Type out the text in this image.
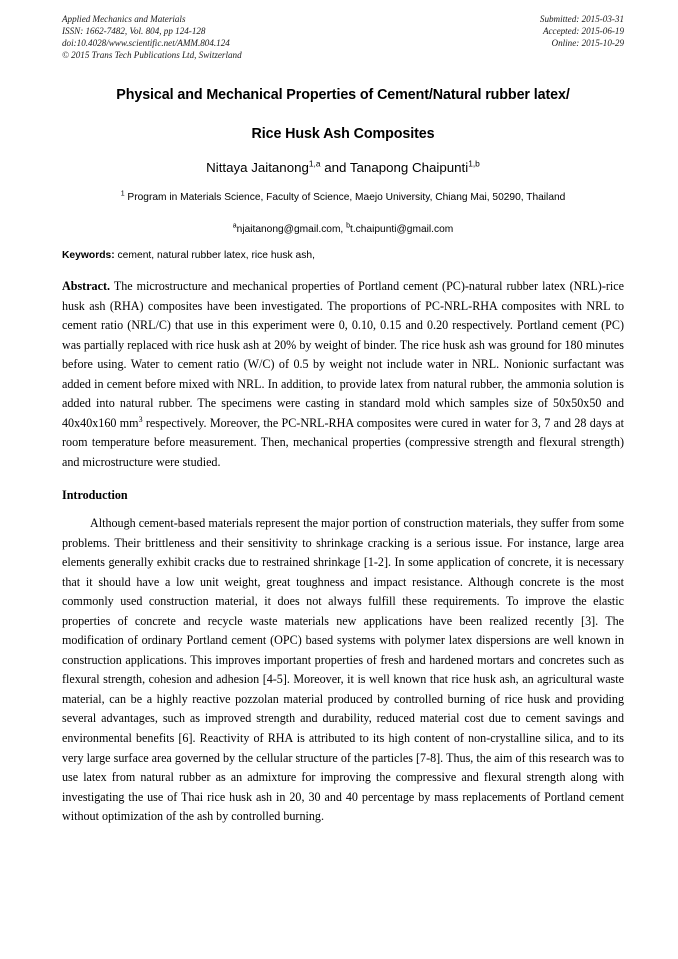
Applied Mechanics and Materials
ISSN: 1662-7482, Vol. 804, pp 124-128
doi:10.4028/www.scientific.net/AMM.804.124
© 2015 Trans Tech Publications Ltd, Switzerland
Submitted: 2015-03-31
Accepted: 2015-06-19
Online: 2015-10-29
Physical and Mechanical Properties of Cement/Natural rubber latex/
Rice Husk Ash Composites
Nittaya Jaitanong$^{1,a}$ and Tanapong Chaipunti$^{1,b}$
$^1$ Program in Materials Science, Faculty of Science, Maejo University, Chiang Mai, 50290, Thailand
$^a$njaitanong@gmail.com, $^b$t.chaipunti@gmail.com
Keywords: cement, natural rubber latex, rice husk ash,
Abstract. The microstructure and mechanical properties of Portland cement (PC)-natural rubber latex (NRL)-rice husk ash (RHA) composites have been investigated. The proportions of PC-NRL-RHA composites with NRL to cement ratio (NRL/C) that use in this experiment were 0, 0.10, 0.15 and 0.20 respectively. Portland cement (PC) was partially replaced with rice husk ash at 20% by weight of binder. The rice husk ash was ground for 180 minutes before using. Water to cement ratio (W/C) of 0.5 by weight not include water in NRL. Nonionic surfactant was added in cement before mixed with NRL. In addition, to provide latex from natural rubber, the ammonia solution is added into natural rubber. The specimens were casting in standard mold which samples size of 50x50x50 and 40x40x160 $mm^3$ respectively. Moreover, the PC-NRL-RHA composites were cured in water for 3, 7 and 28 days at room temperature before measurement. Then, mechanical properties (compressive strength and flexural strength) and microstructure were studied.
Introduction
Although cement-based materials represent the major portion of construction materials, they suffer from some problems. Their brittleness and their sensitivity to shrinkage cracking is a serious issue. For instance, large area elements generally exhibit cracks due to restrained shrinkage [1-2]. In some application of concrete, it is necessary that it should have a low unit weight, great toughness and impact resistance. Although concrete is the most commonly used construction material, it does not always fulfill these requirements. To improve the elastic properties of concrete and recycle waste materials new applications have been realized recently [3]. The modification of ordinary Portland cement (OPC) based systems with polymer latex dispersions are well known in construction applications. This improves important properties of fresh and hardened mortars and concretes such as flexural strength, cohesion and adhesion [4-5]. Moreover, it is well known that rice husk ash, an agricultural waste material, can be a highly reactive pozzolan material produced by controlled burning of rice husk and providing several advantages, such as improved strength and durability, reduced material cost due to cement savings and environmental benefits [6]. Reactivity of RHA is attributed to its high content of non-crystalline silica, and to its very large surface area governed by the cellular structure of the particles [7-8]. Thus, the aim of this research was to use latex from natural rubber as an admixture for improving the compressive and flexural strength along with investigating the use of Thai rice husk ash in 20, 30 and 40 percentage by mass replacements of Portland cement without optimization of the ash by controlled burning.
